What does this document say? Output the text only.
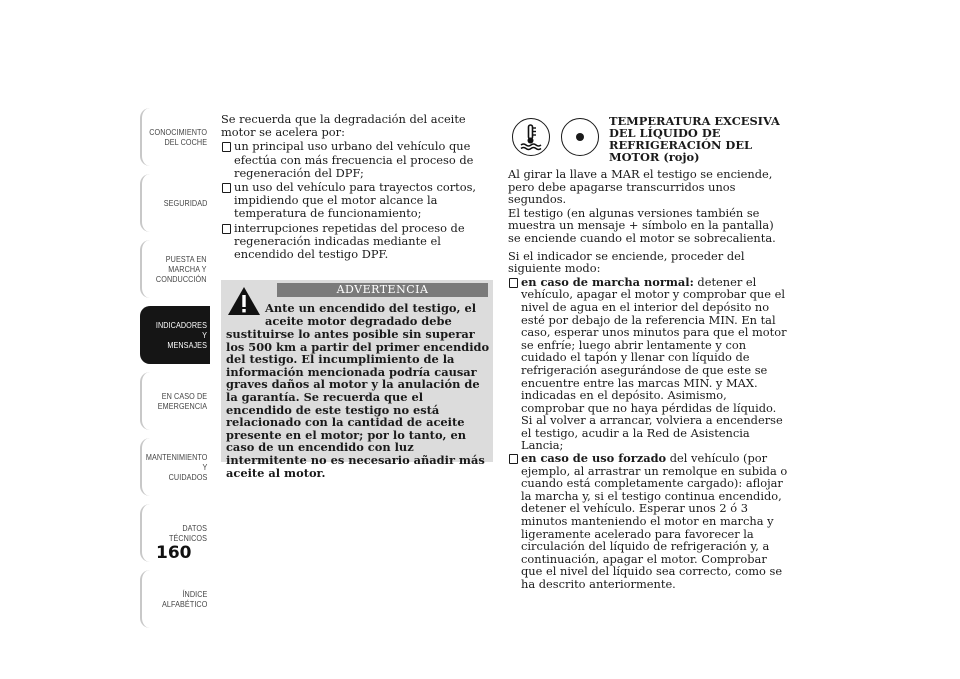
CONOCIMIENTO
DEL COCHE
SEGURIDAD
PUESTA EN
MARCHA Y
CONDUCCIÓN
INDICADORES Y
MENSAJES
EN CASO DE
EMERGENCIA
MANTENIMIENTO Y
CUIDADOS
DATOS TÉCNICOS
ÍNDICE
ALFABÉTICO
160

Se recuerda que la degradación del aceite motor se acelera por:

un principal uso urbano del vehículo que efectúa con más frecuencia el proceso de regeneración del DPF;

un uso del vehículo para trayectos cortos, impidiendo que el motor alcance la temperatura de funcionamiento;

interrupciones repetidas del proceso de regeneración indicadas mediante el encendido del testigo DPF.

ADVERTENCIA
Ante un encendido del testigo, el aceite motor degradado debe
sustituirse lo antes posible sin superar los 500 km a partir del primer encendido del testigo. El incumplimiento de la información mencionada podría causar graves daños al motor y la anulación de la garantía. Se recuerda que el encendido de este testigo no está relacionado con la cantidad de aceite presente en el motor; por lo tanto, en caso de un encendido con luz intermitente no es necesario añadir más aceite al motor.
TEMPERATURA EXCESIVA DEL LÍQUIDO DE REFRIGERACIÓN DEL MOTOR (rojo)

Al girar la llave a MAR el testigo se enciende, pero debe apagarse transcurridos unos segundos.

El testigo (en algunas versiones también se muestra un mensaje + símbolo en la pantalla) se enciende cuando el motor se sobrecalienta.

Si el indicador se enciende, proceder del siguiente modo:

en caso de marcha normal: detener el vehículo, apagar el motor y comprobar que el nivel de agua en el interior del depósito no esté por debajo de la referencia MIN. En tal caso, esperar unos minutos para que el motor se enfríe; luego abrir lentamente y con cuidado el tapón y llenar con líquido de refrigeración asegurándose de que este se encuentre entre las marcas MIN. y MAX. indicadas en el depósito. Asimismo, comprobar que no haya pérdidas de líquido. Si al volver a arrancar, volviera a encenderse el testigo, acudir a la Red de Asistencia Lancia;

en caso de uso forzado del vehículo (por ejemplo, al arrastrar un remolque en subida o cuando está completamente cargado): aflojar la marcha y, si el testigo continua encendido, detener el vehículo. Esperar unos 2 ó 3 minutos manteniendo el motor en marcha y ligeramente acelerado para favorecer la circulación del líquido de refrigeración y, a continuación, apagar el motor. Comprobar que el nivel del líquido sea correcto, como se ha descrito anteriormente.
